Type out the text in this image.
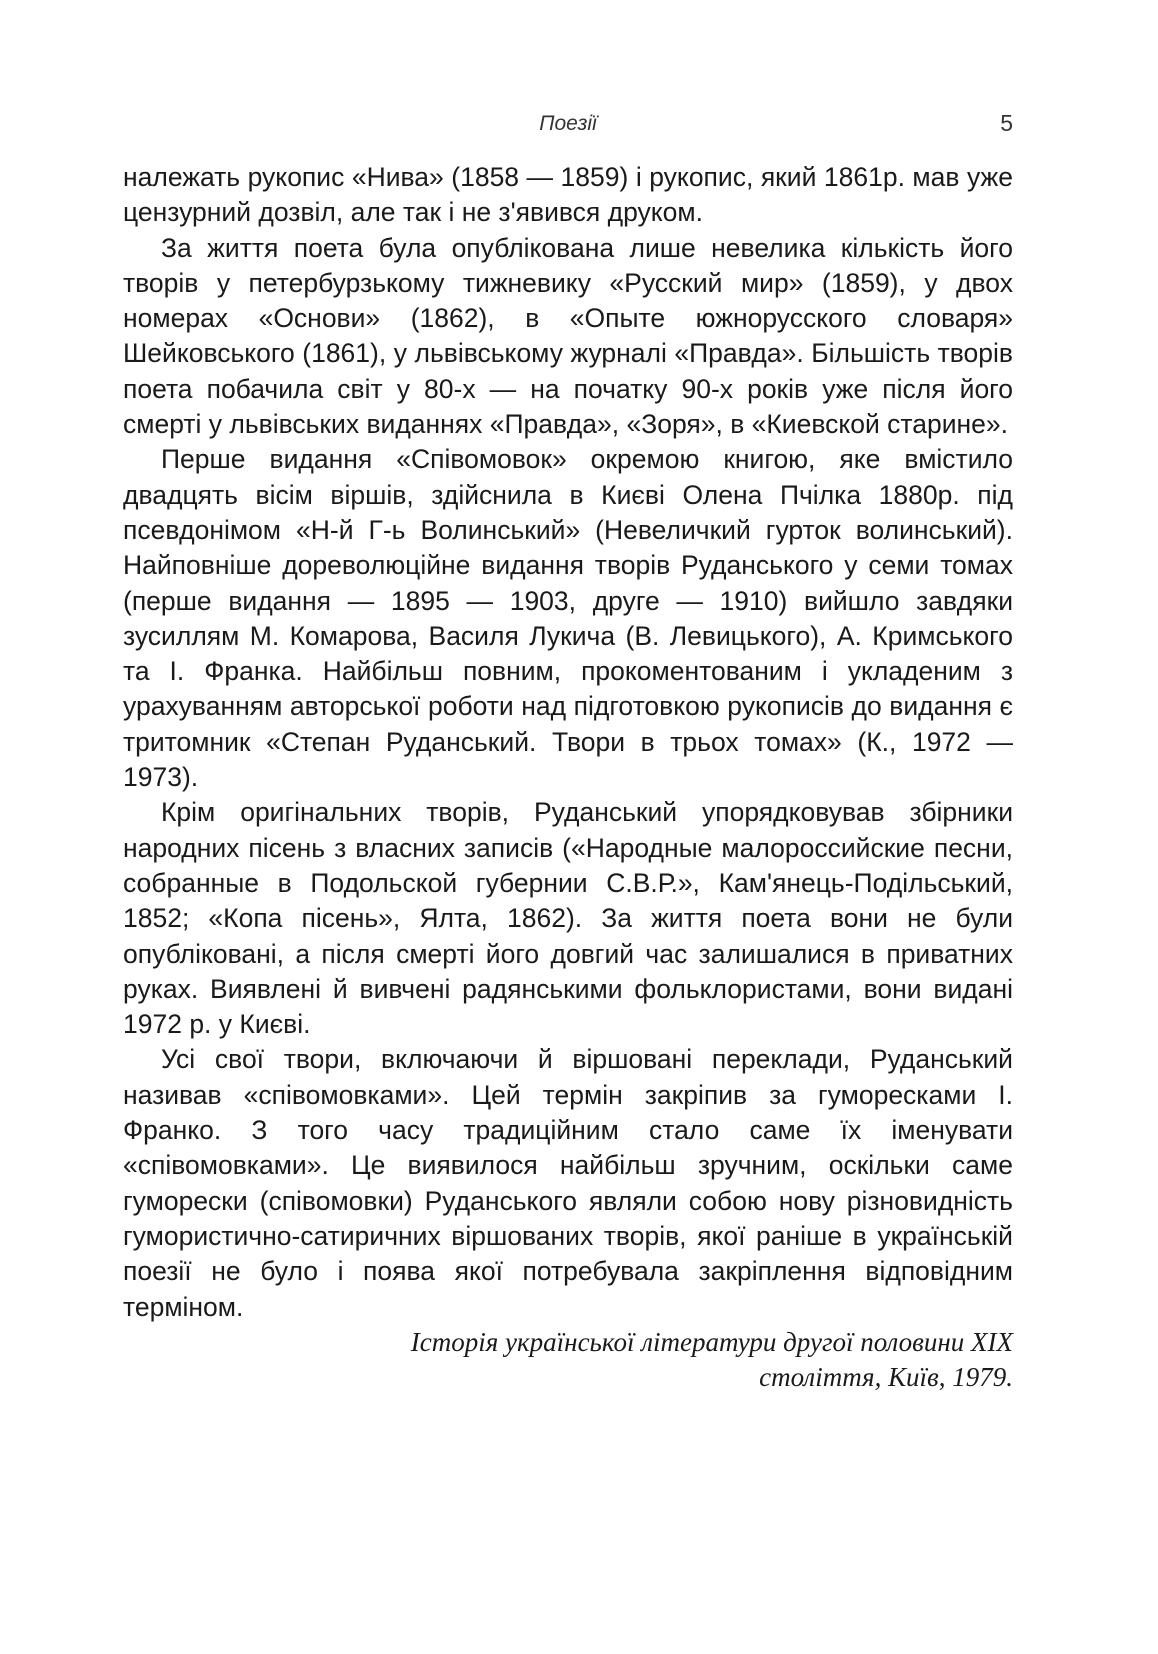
Поезії	5

належать рукопис «Нива» (1858 — 1859) і рукопис, який 1861р. мав уже цензурний дозвіл, але так і не з'явився друком.

За життя поета була опублікована лише невелика кількість його творів у петербурзькому тижневику «Русский мир» (1859), у двох номерах «Основи» (1862), в «Опыте южнорусского словаря» Шейковського (1861), у львівському журналі «Правда». Більшість творів поета побачила світ у 80-х — на початку 90-х років уже після його смерті у львівських виданнях «Правда», «Зоря», в «Киевской старине».

Перше видання «Співомовок» окремою книгою, яке вмістило двадцять вісім віршів, здійснила в Києві Олена Пчілка 1880р. під псевдонімом «Н-й Г-ь Волинський» (Невеличкий гурток волинський). Найповніше дореволюційне видання творів Руданського у семи томах (перше видання — 1895 — 1903, друге — 1910) вийшло завдяки зусиллям М. Комарова, Василя Лукича (В. Левицького), А. Кримського та І. Франка. Найбільш повним, прокоментованим і укладеним з урахуванням авторської роботи над підготовкою рукописів до видання є тритомник «Степан Руданський. Твори в трьох томах» (К., 1972 — 1973).

Крім оригінальних творів, Руданський упорядковував збірники народних пісень з власних записів («Народные малороссийские песни, собранные в Подольской губернии С.В.Р.», Кам'янець-Подільський, 1852; «Копа пісень», Ялта, 1862). За життя поета вони не були опубліковані, а після смерті його довгий час залишалися в приватних руках. Виявлені й вивчені радянськими фольклористами, вони видані 1972 р. у Києві.

Усі свої твори, включаючи й віршовані переклади, Руданський називав «співомовками». Цей термін закріпив за гуморесками І. Франко. З того часу традиційним стало саме їх іменувати «співомовками». Це виявилося найбільш зручним, оскільки саме гуморески (співомовки) Руданського являли собою нову різновидність гумористично-сатиричних віршованих творів, якої раніше в українській поезії не було і поява якої потребувала закріплення відповідним терміном.

Історія української літератури другої половини XIX
століття, Київ, 1979.
